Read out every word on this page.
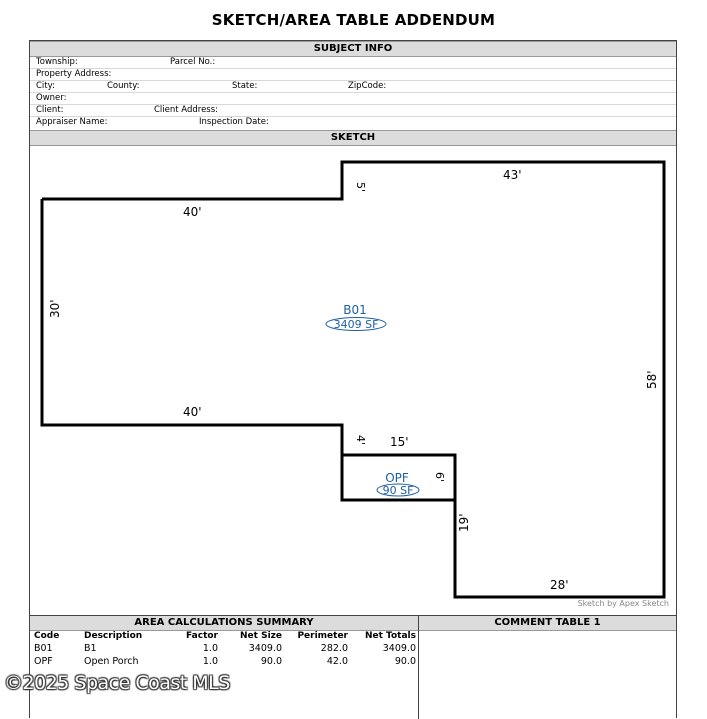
SKETCH/AREA TABLE ADDENDUM
SUBJECT INFO
Township:	Parcel No.:
Property Address:
City:	County:	State:	ZipCode:
Owner:
Client:	Client Address:
Appraiser Name:	Inspection Date:
SKETCH
43'
5'
40'
30'
40'
4' 15'
6'
19'
28'
58'
B01
3409 SF
OPF
90 SF
Sketch by Apex Sketch
AREA CALCULATIONS SUMMARY
Code	Description	Factor	Net Size	Perimeter	Net Totals
B01	B1	1.0	3409.0	282.0	3409.0
OPF	Open Porch	1.0	90.0	42.0	90.0
COMMENT TABLE 1
©2025 Space Coast MLS
